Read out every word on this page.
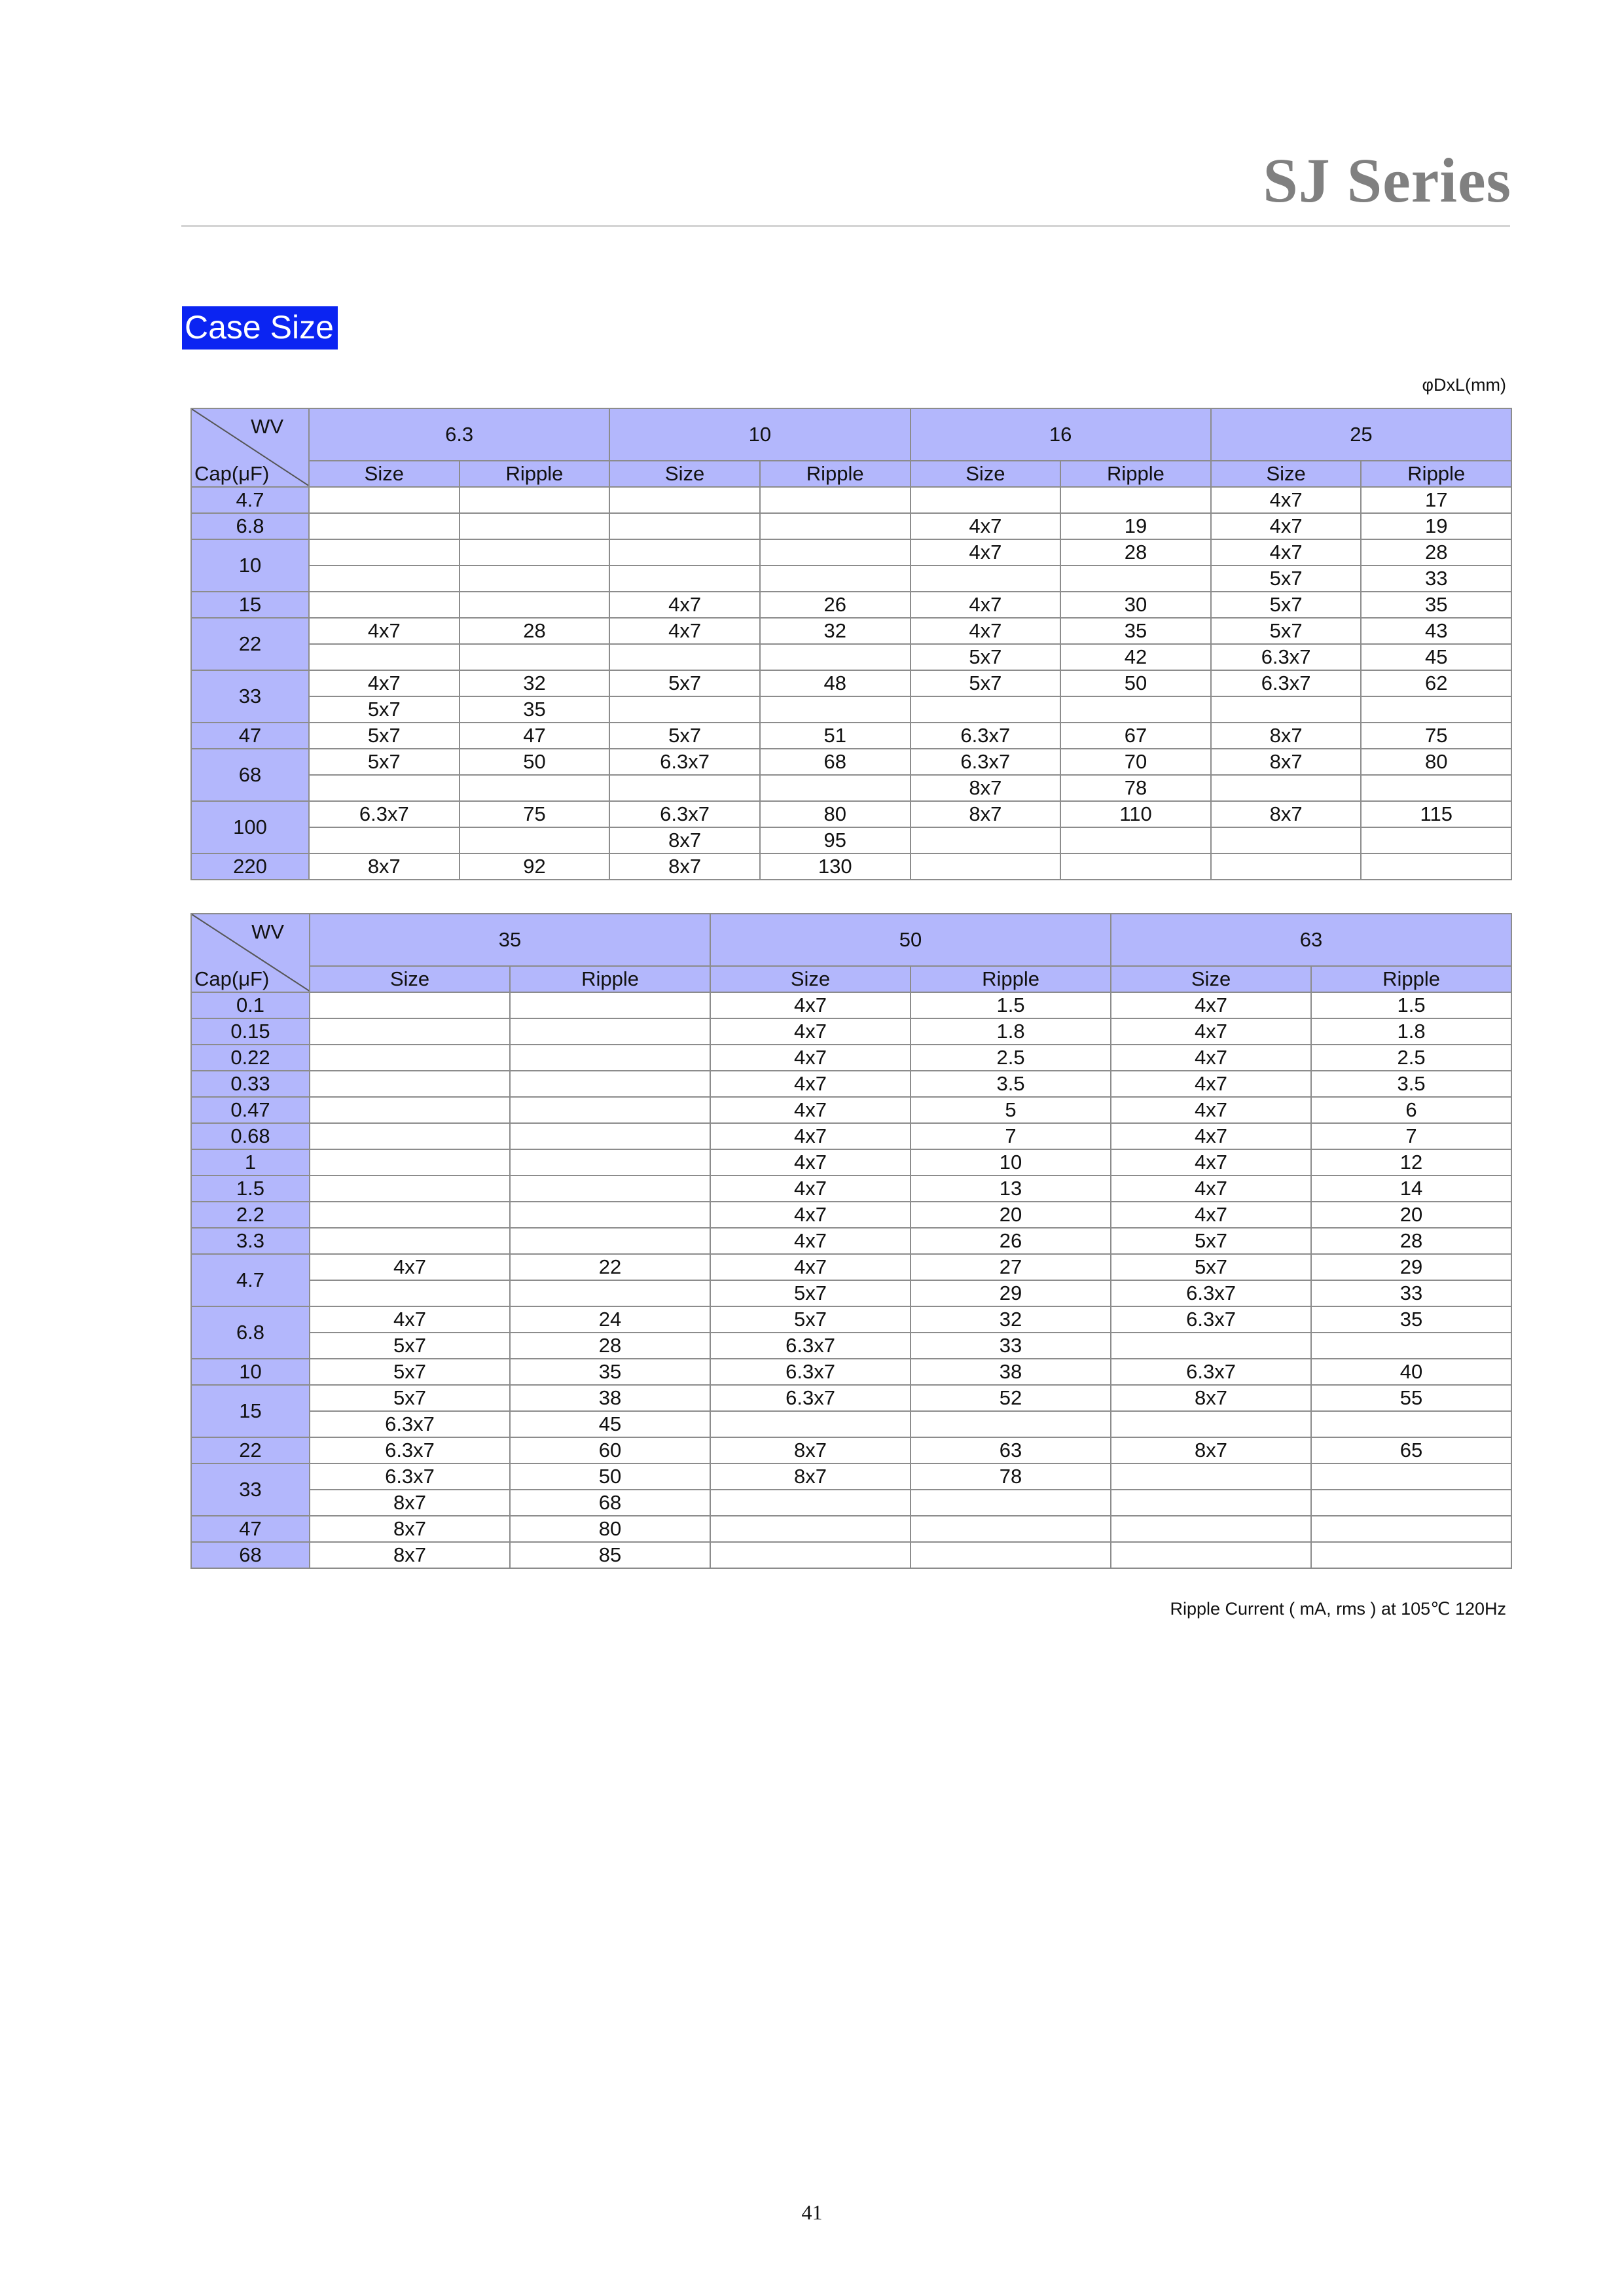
SJ Series
Case Size
φDxL(mm)
WV
Cap(μF)	6.3		10		16		25	
	Size	Ripple	Size	Ripple	Size	Ripple	Size	Ripple
4.7							4x7	17
6.8					4x7	19	4x7	19
10					4x7	28	4x7	28
							5x7	33
15			4x7	26	4x7	30	5x7	35
22	4x7	28	4x7	32	4x7	35	5x7	43
					5x7	42	6.3x7	45
33	4x7	32	5x7	48	5x7	50	6.3x7	62
	5x7	35						
47	5x7	47	5x7	51	6.3x7	67	8x7	75
68	5x7	50	6.3x7	68	6.3x7	70	8x7	80
					8x7	78		
100	6.3x7	75	6.3x7	80	8x7	110	8x7	115
			8x7	95				
220	8x7	92	8x7	130				
WV
Cap(μF)	35		50		63	
	Size	Ripple	Size	Ripple	Size	Ripple
0.1			4x7	1.5	4x7	1.5
0.15			4x7	1.8	4x7	1.8
0.22			4x7	2.5	4x7	2.5
0.33			4x7	3.5	4x7	3.5
0.47			4x7	5	4x7	6
0.68			4x7	7	4x7	7
1			4x7	10	4x7	12
1.5			4x7	13	4x7	14
2.2			4x7	20	4x7	20
3.3			4x7	26	5x7	28
4.7	4x7	22	4x7	27	5x7	29
			5x7	29	6.3x7	33
6.8	4x7	24	5x7	32	6.3x7	35
	5x7	28	6.3x7	33		
10	5x7	35	6.3x7	38	6.3x7	40
15	5x7	38	6.3x7	52	8x7	55
	6.3x7	45				
22	6.3x7	60	8x7	63	8x7	65
33	6.3x7	50	8x7	78		
	8x7	68				
47	8x7	80				
68	8x7	85				
Ripple Current ( mA, rms ) at 105℃ 120Hz
41
